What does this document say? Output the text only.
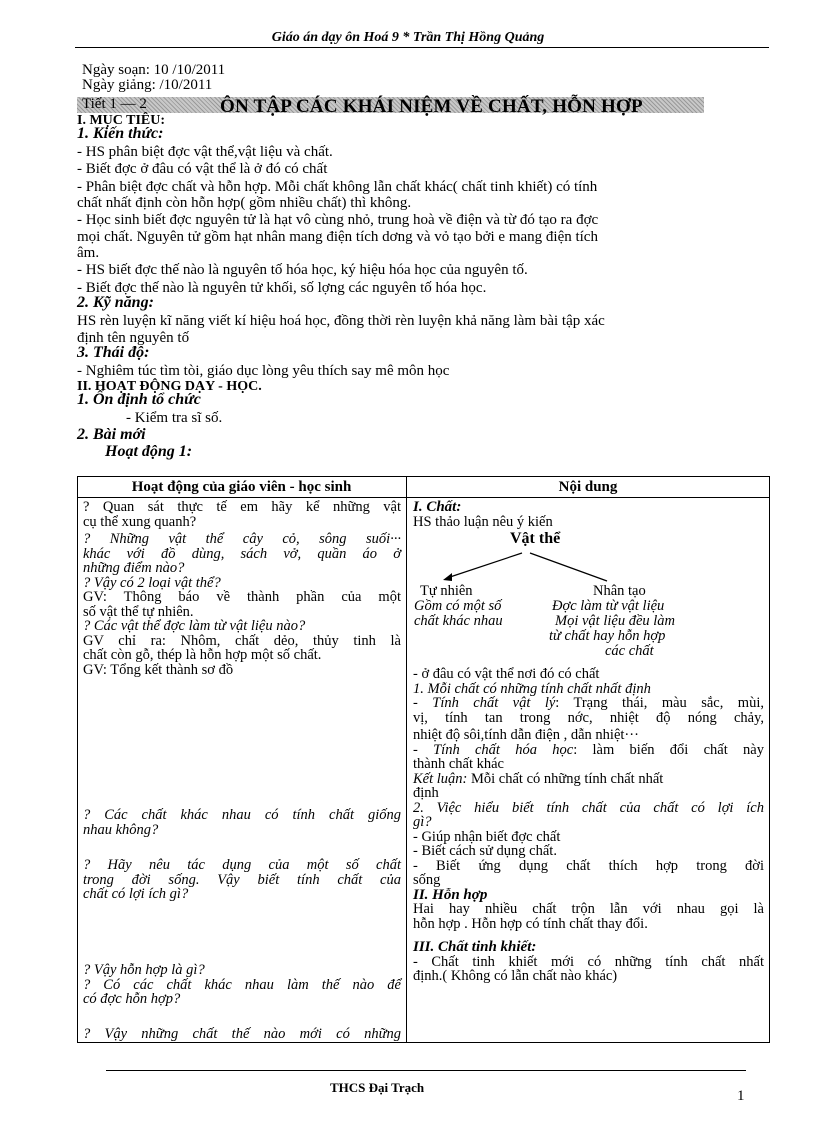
Giáo án dạy ôn Hoá 9 * Trần Thị Hồng Quảng
Ngày soạn: 10 /10/2011
Ngày giảng: /10/2011
Tiết 1 — 2	ÔN TẬP CÁC KHÁI NIỆM VỀ CHẤT, HỖN HỢP
I. MỤC TIÊU:
1. Kiến thức:
- HS phân biệt đợc vật thể,vật liệu và chất.
- Biết đợc ở đâu có vật thể là ở đó có chất
- Phân biệt đợc chất và hỗn hợp. Mỗi chất không lẫn chất khác( chất tinh khiết) có tính
chất nhất định còn hỗn hợp( gồm nhiều chất) thì không.
- Học sinh biết đợc nguyên tử là hạt vô cùng nhỏ, trung hoà về điện và từ đó tạo ra đợc
mọi chất. Nguyên tử gồm hạt nhân mang điện tích dơng và vỏ tạo bởi e mang điện tích
âm.
- HS biết đợc thế nào là nguyên tố hóa học, ký hiệu hóa học của nguyên tố.
- Biết đợc thế nào là nguyên tử khối, số lợng các nguyên tố hóa học.
2. Kỹ năng:
HS rèn luyện kĩ năng viết kí hiệu hoá học, đồng thời rèn luyện khả năng làm bài tập xác
định tên nguyên tố
3. Thái độ:
- Nghiêm túc tìm tòi, giáo dục lòng yêu thích say mê môn học
II. HOẠT ĐỘNG DẠY - HỌC.
1. Ổn định tổ chức
- Kiểm tra sĩ số.
2. Bài mới
Hoạt động 1:
Hoạt động của giáo viên - học sinh	Nội dung
? Quan sát thực tế em hãy kể những vật
cụ thể xung quanh?
? Những vật thể cây cỏ, sông suối···
khác với đồ dùng, sách vở, quần áo ở
những điểm nào?
? Vậy có 2 loại vật thể?
GV: Thông báo về thành phần của một
số vật thể tự nhiên.
? Các vật thể đợc làm từ vật liệu nào?
GV chỉ ra: Nhôm, chất dẻo, thủy tinh là
chất còn gỗ, thép là hỗn hợp một số chất.
GV: Tổng kết thành sơ đồ
? Các chất khác nhau có tính chất giống
nhau không?
? Hãy nêu tác dụng của một số chất
trong đời sống. Vậy biết tính chất của
chất có lợi ích gì?
? Vậy hỗn hợp là gì?
? Có các chất khác nhau làm thế nào để
có đợc hỗn hợp?
? Vậy những chất thế nào mới có những
I. Chất:
HS thảo luận nêu ý kiến
Vật thể
Tự nhiên
Gồm có một số
chất khác nhau
Nhân tạo
Đợc làm từ vật liệu
Mọi vật liệu đều làm
từ chất hay hỗn hợp
các chất
- ở đâu có vật thể nơi đó có chất
1. Mỗi chất có những tính chất nhất định
- Tính chất vật lý: Trạng thái, màu sắc, mùi,
vị, tính tan trong nớc, nhiệt độ nóng chảy,
nhiệt độ sôi,tính dẫn điện , dẫn nhiệt···
- Tính chất hóa học: làm biến đổi chất này
thành chất khác
Kết luận: Mỗi chất có những tính chất nhất
định
2. Việc hiểu biết tính chất của chất có lợi ích
gì?
- Giúp nhận biết đợc chất
- Biết cách sử dụng chất.
- Biết ứng dụng chất thích hợp trong đời
sống
II. Hỗn hợp
Hai hay nhiều chất trộn lẫn với nhau gọi là
hỗn hợp . Hỗn hợp có tính chất thay đổi.
III. Chất tinh khiết:
- Chất tinh khiết mới có những tính chất nhất
định.( Không có lẫn chất nào khác)
THCS Đại Trạch
1
